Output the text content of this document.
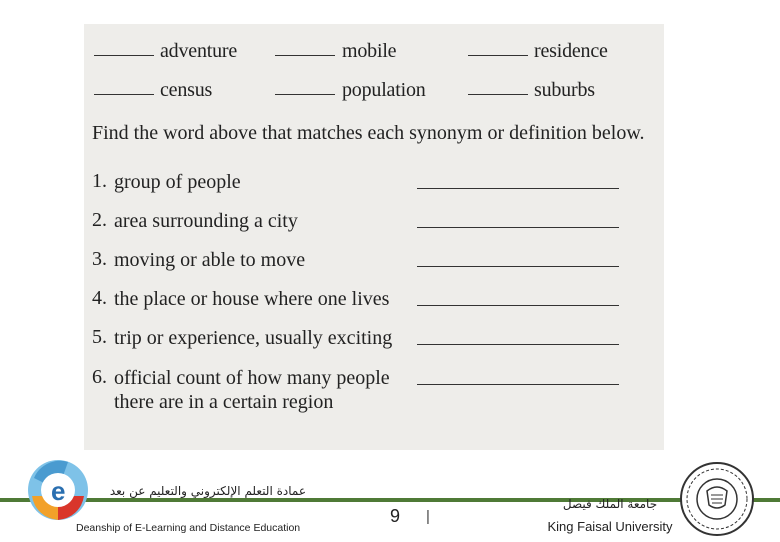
adventure	mobile	residence
census	population	suburbs
Find the word above that matches each synonym or definition below.
1. group of people
2. area surrounding a city
3. moving or able to move
4. the place or house where one lives
5. trip or experience, usually exciting
6. official count of how many people
there are in a certain region
e	عمادة التعلم الإلكتروني والتعليم عن بعد
Deanship of E-Learning and Distance Education
9 |
جامعة الملك فيصل
King Faisal University
